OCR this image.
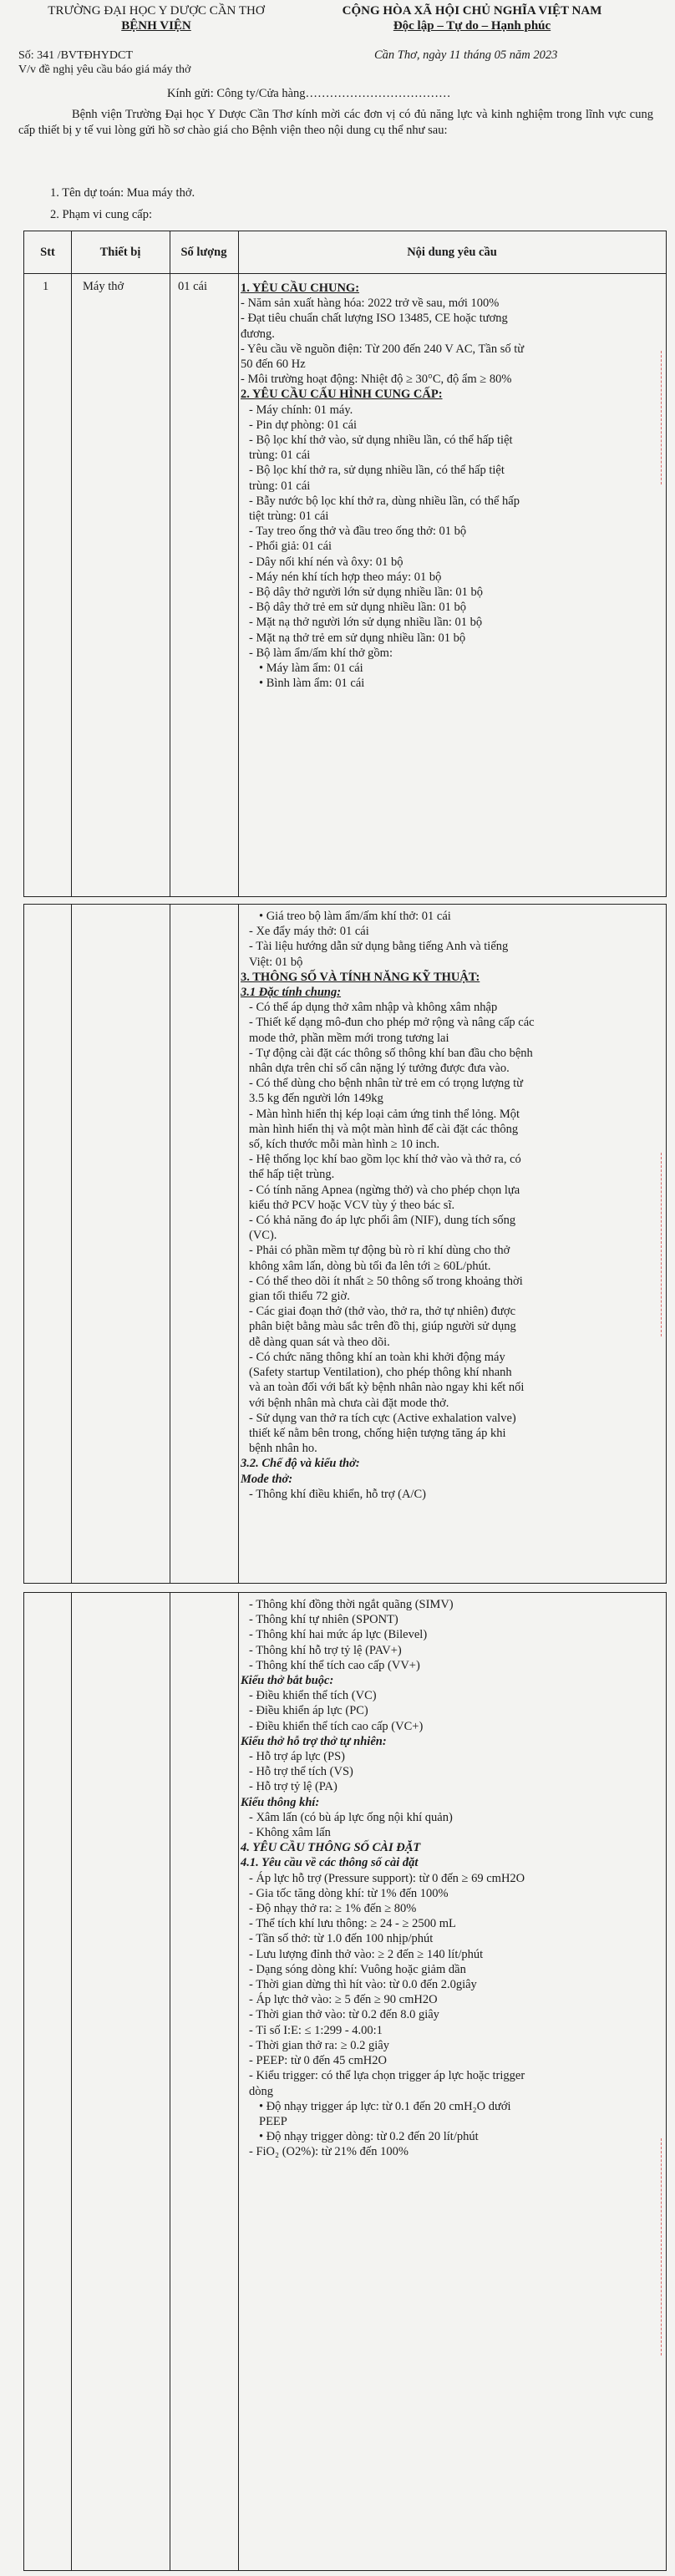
TRƯỜNG ĐẠI HỌC Y DƯỢC CẦN THƠ
BỆNH VIỆN
CỘNG HÒA XÃ HỘI CHỦ NGHĨA VIỆT NAM
Độc lập – Tự do – Hạnh phúc
Số: 341 /BVTĐHYDCT
V/v đề nghị yêu cầu báo giá máy thở
Cần Thơ, ngày 11 tháng 05 năm 2023
Kính gửi: Công ty/Cửa hàng………………………………
Bệnh viện Trường Đại học Y Dược Cần Thơ kính mời các đơn vị có đủ năng lực và kinh nghiệm trong lĩnh vực cung cấp thiết bị y tế vui lòng gửi hồ sơ chào giá cho Bệnh viện theo nội dung cụ thể như sau:
1. Tên dự toán: Mua máy thở.
2. Phạm vi cung cấp:
Stt	Thiết bị	Số lượng	Nội dung yêu cầu
1	Máy thở	01 cái	1. YÊU CẦU CHUNG:
- Năm sản xuất hàng hóa: 2022 trở về sau, mới 100%
- Đạt tiêu chuẩn chất lượng ISO 13485, CE hoặc tương
đương.
- Yêu cầu về nguồn điện: Từ 200 đến 240 V AC, Tần số từ
50 đến 60 Hz
- Môi trường hoạt động: Nhiệt độ ≥ 30°C, độ ẩm ≥ 80%
2. YÊU CẦU CẤU HÌNH CUNG CẤP:
- Máy chính: 01 máy.
- Pin dự phòng: 01 cái
- Bộ lọc khí thở vào, sử dụng nhiều lần, có thể hấp tiệt
trùng: 01 cái
- Bộ lọc khí thở ra, sử dụng nhiều lần, có thể hấp tiệt
trùng: 01 cái
- Bẫy nước bộ lọc khí thở ra, dùng nhiều lần, có thể hấp
tiệt trùng: 01 cái
- Tay treo ống thở và đầu treo ống thở: 01 bộ
- Phổi giả: 01 cái
- Dây nối khí nén và ôxy: 01 bộ
- Máy nén khí tích hợp theo máy: 01 bộ
- Bộ dây thở người lớn sử dụng nhiều lần: 01 bộ
- Bộ dây thở trẻ em sử dụng nhiều lần: 01 bộ
- Mặt nạ thở người lớn sử dụng nhiều lần: 01 bộ
- Mặt nạ thở trẻ em sử dụng nhiều lần: 01 bộ
- Bộ làm ẩm/ấm khí thở gồm:
• Máy làm ẩm: 01 cái
• Bình làm ẩm: 01 cái
• Giá treo bộ làm ẩm/ấm khí thở: 01 cái
- Xe đẩy máy thở: 01 cái
- Tài liệu hướng dẫn sử dụng bằng tiếng Anh và tiếng
Việt: 01 bộ
3. THÔNG SỐ VÀ TÍNH NĂNG KỸ THUẬT:
3.1 Đặc tính chung:
- Có thể áp dụng thở xâm nhập và không xâm nhập
- Thiết kế dạng mô-đun cho phép mở rộng và nâng cấp các
mode thở, phần mềm mới trong tương lai
- Tự động cài đặt các thông số thông khí ban đầu cho bệnh
nhân dựa trên chỉ số cân nặng lý tưởng được đưa vào.
- Có thể dùng cho bệnh nhân từ trẻ em có trọng lượng từ
3.5 kg đến người lớn 149kg
- Màn hình hiển thị kép loại cảm ứng tinh thể lỏng. Một
màn hình hiển thị và một màn hình để cài đặt các thông
số, kích thước mỗi màn hình ≥ 10 inch.
- Hệ thống lọc khí bao gồm lọc khí thở vào và thở ra, có
thể hấp tiệt trùng.
- Có tính năng Apnea (ngừng thở) và cho phép chọn lựa
kiểu thở PCV hoặc VCV tùy ý theo bác sĩ.
- Có khả năng đo áp lực phổi âm (NIF), dung tích sống
(VC).
- Phải có phần mềm tự động bù rò rỉ khí dùng cho thở
không xâm lấn, dòng bù tối đa lên tới ≥ 60L/phút.
- Có thể theo dõi ít nhất ≥ 50 thông số trong khoảng thời
gian tối thiểu 72 giờ.
- Các giai đoạn thở (thở vào, thở ra, thở tự nhiên) được
phân biệt bằng màu sắc trên đồ thị, giúp người sử dụng
dễ dàng quan sát và theo dõi.
- Có chức năng thông khí an toàn khi khởi động máy
(Safety startup Ventilation), cho phép thông khí nhanh
và an toàn đối với bất kỳ bệnh nhân nào ngay khi kết nối
với bệnh nhân mà chưa cài đặt mode thở.
- Sử dụng van thở ra tích cực (Active exhalation valve)
thiết kế nằm bên trong, chống hiện tượng tăng áp khi
bệnh nhân ho.
3.2. Chế độ và kiểu thở:
Mode thở:
- Thông khí điều khiển, hỗ trợ (A/C)
- Thông khí đồng thời ngắt quãng (SIMV)
- Thông khí tự nhiên (SPONT)
- Thông khí hai mức áp lực (Bilevel)
- Thông khí hỗ trợ tỷ lệ (PAV+)
- Thông khí thể tích cao cấp (VV+)
Kiểu thở bắt buộc:
- Điều khiển thể tích (VC)
- Điều khiển áp lực (PC)
- Điều khiển thể tích cao cấp (VC+)
Kiểu thở hỗ trợ thở tự nhiên:
- Hỗ trợ áp lực (PS)
- Hỗ trợ thể tích (VS)
- Hỗ trợ tỷ lệ (PA)
Kiểu thông khí:
- Xâm lấn (có bù áp lực ống nội khí quản)
- Không xâm lấn
4. YÊU CẦU THÔNG SỐ CÀI ĐẶT
4.1. Yêu cầu về các thông số cài đặt
- Áp lực hỗ trợ (Pressure support): từ 0 đến ≥ 69 cmH2O
- Gia tốc tăng dòng khí: từ 1% đến 100%
- Độ nhạy thở ra: ≥ 1% đến ≥ 80%
- Thể tích khí lưu thông: ≥ 24 - ≥ 2500 mL
- Tần số thở: từ 1.0 đến 100 nhịp/phút
- Lưu lượng đỉnh thở vào: ≥ 2 đến ≥ 140 lít/phút
- Dạng sóng dòng khí: Vuông hoặc giảm dần
- Thời gian dừng thì hít vào: từ 0.0 đến 2.0giây
- Áp lực thở vào: ≥ 5 đến ≥ 90 cmH2O
- Thời gian thở vào: từ 0.2 đến 8.0 giây
- Tỉ số I:E: ≤ 1:299 - 4.00:1
- Thời gian thở ra: ≥ 0.2 giây
- PEEP: từ 0 đến 45 cmH2O
- Kiểu trigger: có thể lựa chọn trigger áp lực hoặc trigger
dòng
• Độ nhạy trigger áp lực: từ 0.1 đến 20 cmH₂O dưới
PEEP
• Độ nhạy trigger dòng: từ 0.2 đến 20 lít/phút
- FiO₂ (O2%): từ 21% đến 100%
